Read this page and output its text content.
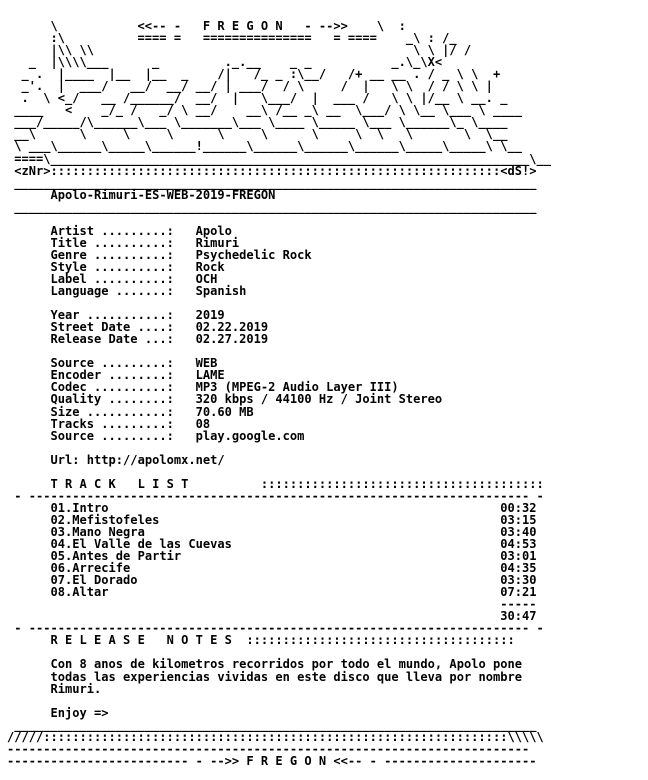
\           <<-- -   F R E G O N   - -->>    \  :
:\          ==== =   ===============   = ====    _\ : /_
|\\ \\                                            \ \ |/ /
_  |\\\\___      _         ._.__    _ _           _.\_\X<
_ .  |____  |__  |__  _    /|   /_ _ :\__/   /+ __ __ . / _ \ \  +
_'.  |  ___/   __/  __/ __/ | ___/  / \     /  |   \ \  / / \ \ |
.  \ <_/   __ /______/  __/  |   \___/  |  ___ /   \ \ |/__ \ __. _
____   <    _/_ /   _/ \ __/    __\ /__ _\ __  \___/ \ \__ \___ \ ____
___/_____/\______\___ \_______\___ \____ \_____ \___ \______\_ \____
__\      \     \     \      \     \      \     \  \   \       \  \__
\ ___\______\_____\______!______\______\______\______\_____\_____\ \__
====\__________________________________________________________________\__
<zNr>::::::::::::::::::::::::::::::::::::::::::::::::::::::::::::::<dS!>
________________________________________________________________________
Apolo-Rimuri-ES-WEB-2019-FREGON
________________________________________________________________________

Artist .........:   Apolo
Title ..........:   Rimuri
Genre ..........:   Psychedelic Rock
Style ..........:   Rock
Label ..........:   OCH
Language .......:   Spanish

Year ...........:   2019
Street Date ....:   02.22.2019
Release Date ...:   02.27.2019

Source .........:   WEB
Encoder ........:   LAME
Codec ..........:   MP3 (MPEG-2 Audio Layer III)
Quality ........:   320 kbps / 44100 Hz / Joint Stereo
Size ...........:   70.60 MB
Tracks .........:   08
Source .........:   play.google.com

Url: http://apolomx.net/

T R A C K   L I S T	:::::::::::::::::::::::::::::::::::::::
- --------------------------------------------------------------------- -
01.Intro                                                      00:32
02.Mefistofeles                                               03:15
03.Mano Negra                                                 03:40
04.El Valle de las Cuevas                                     04:53
05.Antes de Partir                                            03:01
06.Arrecife                                                   04:35
07.El Dorado                                                  03:30
08.Altar                                                      07:21
-----
30:47
- --------------------------------------------------------------------- -
R E L E A S E   N O T E S :::::::::::::::::::::::::::::::::::::

Con 8 anos de kilometros recorridos por todo el mundo, Apolo pone
todas las experiencias vividas en este disco que lleva por nombre
Rimuri.

Enjoy =>
________________________________________________________________________
/////::::::::::::::::::::::::::::::::::::::::::::::::::::::::::::::::\\\\\
------------------------------------------------------------------------
------------------------- - -->> F R E G O N <<-- - ---------------------
